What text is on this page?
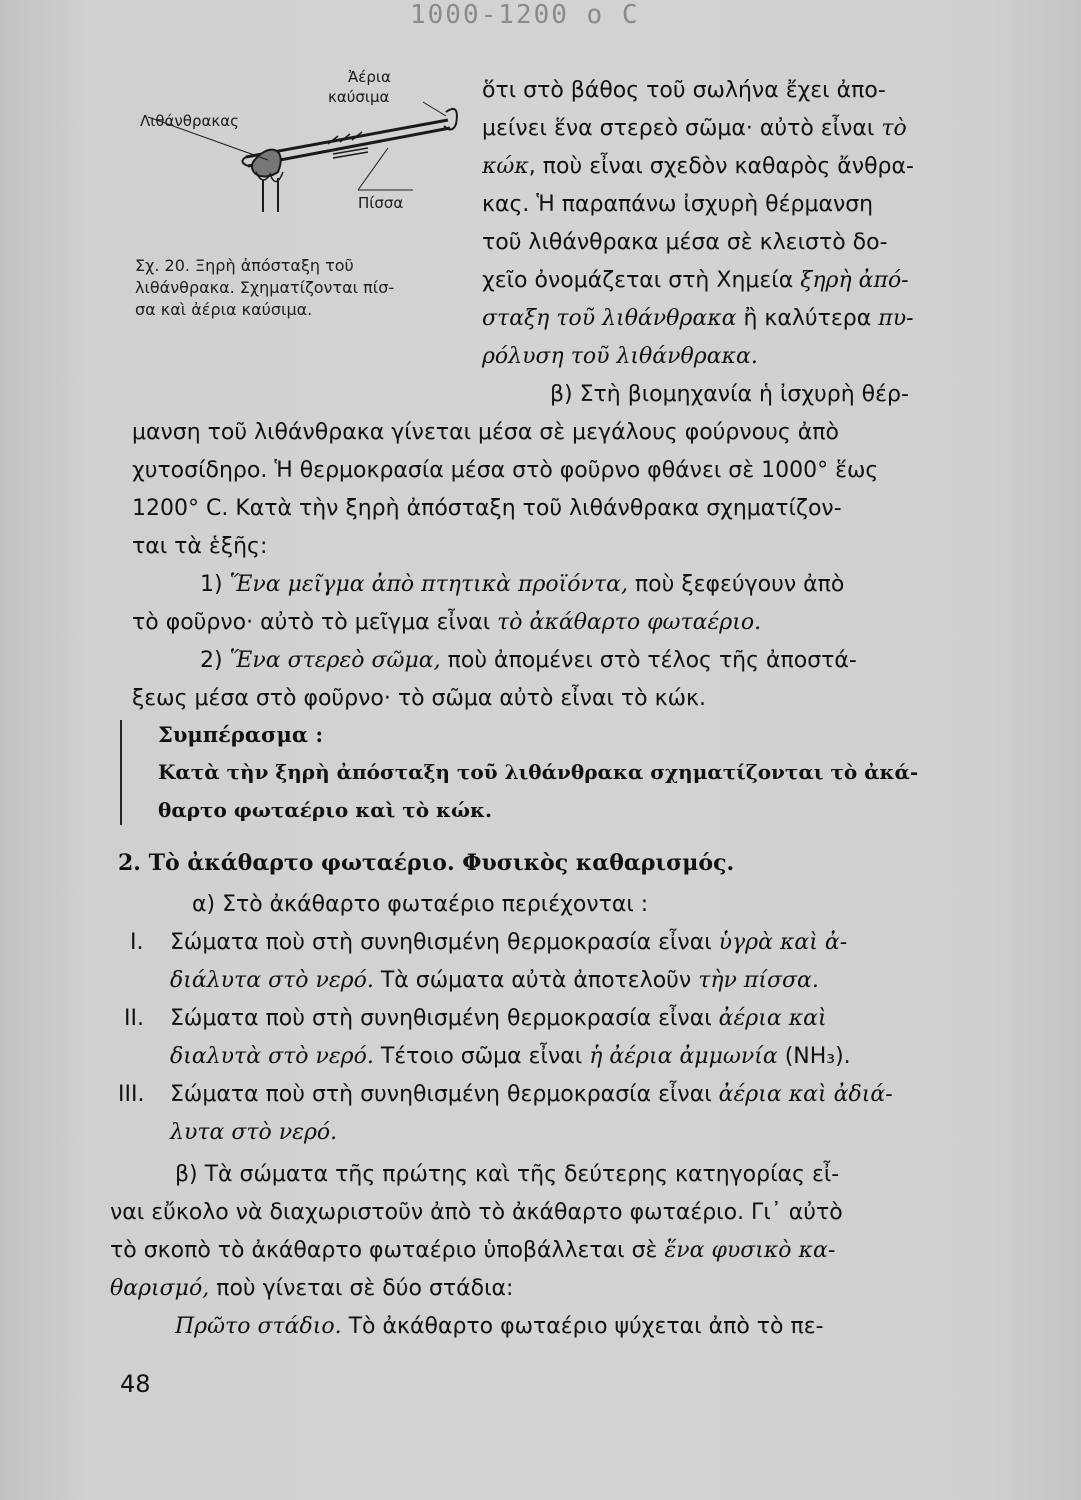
1000-1200 ο C
Λιθάνθρακας
Ἀέρια
καύσιμα
Πίσσα
Σχ. 20. Ξηρὴ ἀπόσταξη τοῦ
λιθάνθρακα. Σχηματίζονται πίσ-
σα καὶ ἀέρια καύσιμα.
ὅτι στὸ βάθος τοῦ σωλήνα ἔχει ἀπο-
μείνει ἕνα στερεὸ σῶμα· αὐτὸ εἶναι τὸ
κώκ, ποὺ εἶναι σχεδὸν καθαρὸς ἄνθρα-
κας. Ἡ παραπάνω ἰσχυρὴ θέρμανση
τοῦ λιθάνθρακα μέσα σὲ κλειστὸ δο-
χεῖο ὀνομάζεται στὴ Χημεία ξηρὴ ἀπό-
σταξη τοῦ λιθάνθρακα ἢ καλύτερα πυ-
ρόλυση τοῦ λιθάνθρακα.
β) Στὴ βιομηχανία ἡ ἰσχυρὴ θέρ-
μανση τοῦ λιθάνθρακα γίνεται μέσα σὲ μεγάλους φούρνους ἀπὸ
χυτοσίδηρο. Ἡ θερμοκρασία μέσα στὸ φοῦρνο φθάνει σὲ 1000° ἕως
1200° C. Κατὰ τὴν ξηρὴ ἀπόσταξη τοῦ λιθάνθρακα σχηματίζον-
ται τὰ ἑξῆς:
1) Ἕνα μεῖγμα ἀπὸ πτητικὰ προϊόντα, ποὺ ξεφεύγουν ἀπὸ
τὸ φοῦρνο· αὐτὸ τὸ μεῖγμα εἶναι τὸ ἀκάθαρτο φωταέριο.
2) Ἕνα στερεὸ σῶμα, ποὺ ἀπομένει στὸ τέλος τῆς ἀποστά-
ξεως μέσα στὸ φοῦρνο· τὸ σῶμα αὐτὸ εἶναι τὸ κώκ.
Συμπέρασμα :
Κατὰ τὴν ξηρὴ ἀπόσταξη τοῦ λιθάνθρακα σχηματίζονται τὸ ἀκά-
θαρτο φωταέριο καὶ τὸ κώκ.
2. Τὸ ἀκάθαρτο φωταέριο. Φυσικὸς καθαρισμός.
α) Στὸ ἀκάθαρτο φωταέριο περιέχονται :
I. Σώματα ποὺ στὴ συνηθισμένη θερμοκρασία εἶναι ὑγρὰ καὶ ἀ-
διάλυτα στὸ νερό. Τὰ σώματα αὐτὰ ἀποτελοῦν τὴν πίσσα.
II. Σώματα ποὺ στὴ συνηθισμένη θερμοκρασία εἶναι ἀέρια καὶ
διαλυτὰ στὸ νερό. Τέτοιο σῶμα εἶναι ἡ ἀέρια ἀμμωνία (NH₃).
III. Σώματα ποὺ στὴ συνηθισμένη θερμοκρασία εἶναι ἀέρια καὶ ἀδιά-
λυτα στὸ νερό.
β) Τὰ σώματα τῆς πρώτης καὶ τῆς δεύτερης κατηγορίας εἶ-
ναι εὔκολο νὰ διαχωριστοῦν ἀπὸ τὸ ἀκάθαρτο φωταέριο. Γι᾿ αὐτὸ
τὸ σκοπὸ τὸ ἀκάθαρτο φωταέριο ὑποβάλλεται σὲ ἕνα φυσικὸ κα-
θαρισμό, ποὺ γίνεται σὲ δύο στάδια:
Πρῶτο στάδιο. Τὸ ἀκάθαρτο φωταέριο ψύχεται ἀπὸ τὸ πε-
48
